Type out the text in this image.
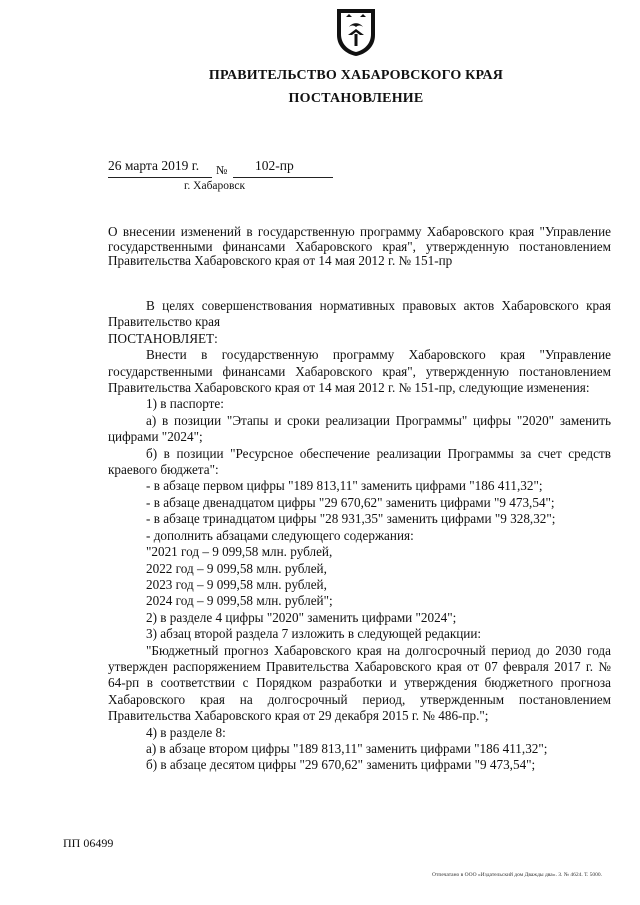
ПРАВИТЕЛЬСТВО ХАБАРОВСКОГО КРАЯ
ПОСТАНОВЛЕНИЕ
26 марта 2019 г. № 102-пр
г. Хабаровск
О внесении изменений в государственную программу Хабаровского края "Управление государственными финансами Хабаровского края", утвержденную постановлением Правительства Хабаровского края от 14 мая 2012 г. № 151-пр

В целях совершенствования нормативных правовых актов Хабаровского края Правительство края

ПОСТАНОВЛЯЕТ:

Внести в государственную программу Хабаровского края "Управление государственными финансами Хабаровского края", утвержденную постановлением Правительства Хабаровского края от 14 мая 2012 г. № 151-пр, следующие изменения:

1) в паспорте:

а) в позиции "Этапы и сроки реализации Программы" цифры "2020" заменить цифрами "2024";

б) в позиции "Ресурсное обеспечение реализации Программы за счет средств краевого бюджета":

- в абзаце первом цифры "189 813,11" заменить цифрами "186 411,32";

- в абзаце двенадцатом цифры "29 670,62" заменить цифрами "9 473,54";

- в абзаце тринадцатом цифры "28 931,35" заменить цифрами "9 328,32";

- дополнить абзацами следующего содержания:

"2021 год – 9 099,58 млн. рублей,

2022 год – 9 099,58 млн. рублей,

2023 год – 9 099,58 млн. рублей,

2024 год – 9 099,58 млн. рублей";

2) в разделе 4 цифры "2020" заменить цифрами "2024";

3) абзац второй раздела 7 изложить в следующей редакции:

"Бюджетный прогноз Хабаровского края на долгосрочный период до 2030 года утвержден распоряжением Правительства Хабаровского края от 07 февраля 2017 г. № 64-рп в соответствии с Порядком разработки и утверждения бюджетного прогноза Хабаровского края на долгосрочный период, утвержденным постановлением Правительства Хабаровского края от 29 декабря 2015 г. № 486-пр.";

4) в разделе 8:

а) в абзаце втором цифры "189 813,11" заменить цифрами "186 411,32";

б) в абзаце десятом цифры "29 670,62" заменить цифрами "9 473,54";

ПП 06499
Отпечатано в ООО «Издательский дом Дважды два». З. № 4624. Т. 5000.
